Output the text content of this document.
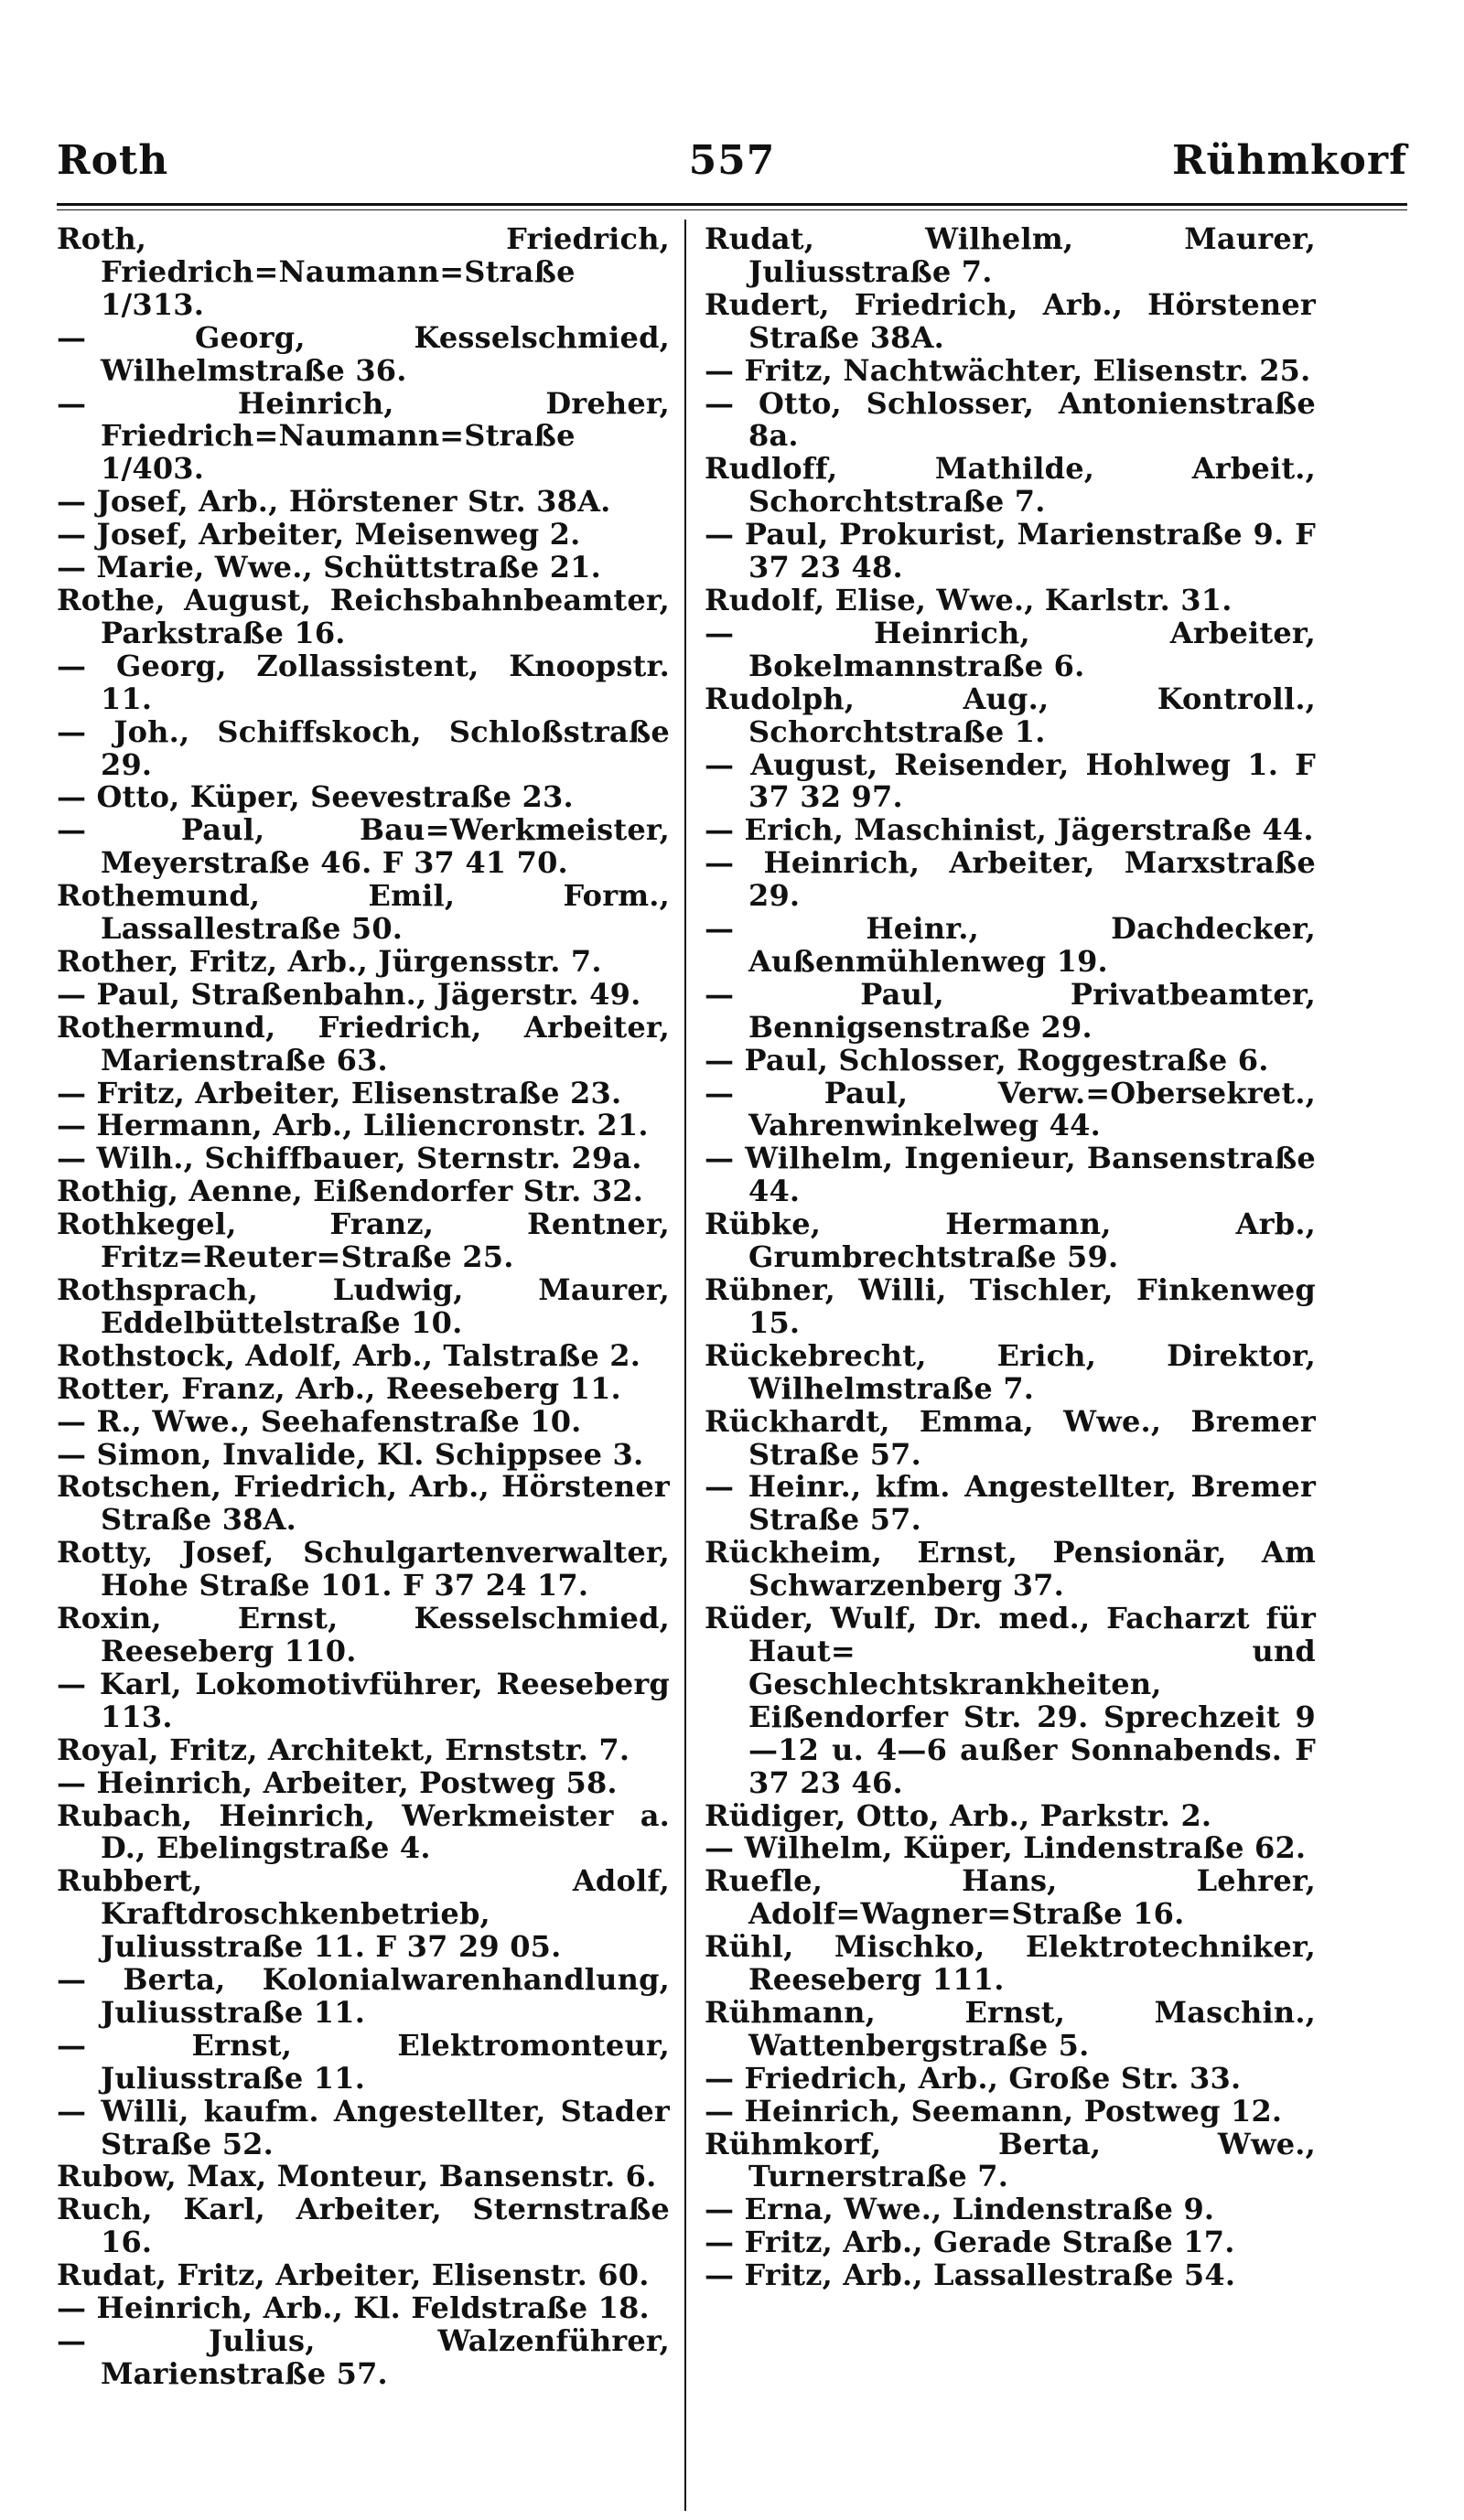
Roth	557	Rühmkorf
Roth, Friedrich, Friedrich=Naumann=Straße 1/313.
— Georg, Kesselschmied, Wilhelmstraße 36.
— Heinrich, Dreher, Friedrich=Naumann=Straße 1/403.
— Josef, Arb., Hörstener Str. 38A.
— Josef, Arbeiter, Meisenweg 2.
— Marie, Wwe., Schüttstraße 21.
Rothe, August, Reichsbahnbeamter, Parkstraße 16.
— Georg, Zollassistent, Knoopstr. 11.
— Joh., Schiffskoch, Schloßstraße 29.
— Otto, Küper, Seevestraße 23.
— Paul, Bau=Werkmeister, Meyerstraße 46. F 37 41 70.
Rothemund, Emil, Form., Lassallestraße 50.
Rother, Fritz, Arb., Jürgensstr. 7.
— Paul, Straßenbahn., Jägerstr. 49.
Rothermund, Friedrich, Arbeiter, Marienstraße 63.
— Fritz, Arbeiter, Elisenstraße 23.
— Hermann, Arb., Liliencronstr. 21.
— Wilh., Schiffbauer, Sternstr. 29a.
Rothig, Aenne, Eißendorfer Str. 32.
Rothkegel, Franz, Rentner, Fritz=Reuter=Straße 25.
Rothsprach, Ludwig, Maurer, Eddelbüttelstraße 10.
Rothstock, Adolf, Arb., Talstraße 2.
Rotter, Franz, Arb., Reeseberg 11.
— R., Wwe., Seehafenstraße 10.
— Simon, Invalide, Kl. Schippsee 3.
Rotschen, Friedrich, Arb., Hörstener Straße 38A.
Rotty, Josef, Schulgartenverwalter, Hohe Straße 101. F 37 24 17.
Roxin, Ernst, Kesselschmied, Reeseberg 110.
— Karl, Lokomotivführer, Reeseberg 113.
Royal, Fritz, Architekt, Ernststr. 7.
— Heinrich, Arbeiter, Postweg 58.
Rubach, Heinrich, Werkmeister a. D., Ebelingstraße 4.
Rubbert, Adolf, Kraftdroschkenbetrieb, Juliusstraße 11. F 37 29 05.
— Berta, Kolonialwarenhandlung, Juliusstraße 11.
— Ernst, Elektromonteur, Juliusstraße 11.
— Willi, kaufm. Angestellter, Stader Straße 52.
Rubow, Max, Monteur, Bansenstr. 6.
Ruch, Karl, Arbeiter, Sternstraße 16.
Rudat, Fritz, Arbeiter, Elisenstr. 60.
— Heinrich, Arb., Kl. Feldstraße 18.
— Julius, Walzenführer, Marienstraße 57.
Rudat, Wilhelm, Maurer, Juliusstraße 7.
Rudert, Friedrich, Arb., Hörstener Straße 38A.
— Fritz, Nachtwächter, Elisenstr. 25.
— Otto, Schlosser, Antonienstraße 8a.
Rudloff, Mathilde, Arbeit., Schorchtstraße 7.
— Paul, Prokurist, Marienstraße 9. F 37 23 48.
Rudolf, Elise, Wwe., Karlstr. 31.
— Heinrich, Arbeiter, Bokelmannstraße 6.
Rudolph, Aug., Kontroll., Schorchtstraße 1.
— August, Reisender, Hohlweg 1. F 37 32 97.
— Erich, Maschinist, Jägerstraße 44.
— Heinrich, Arbeiter, Marxstraße 29.
— Heinr., Dachdecker, Außenmühlenweg 19.
— Paul, Privatbeamter, Bennigsenstraße 29.
— Paul, Schlosser, Roggestraße 6.
— Paul, Verw.=Obersekret., Vahrenwinkelweg 44.
— Wilhelm, Ingenieur, Bansenstraße 44.
Rübke, Hermann, Arb., Grumbrechtstraße 59.
Rübner, Willi, Tischler, Finkenweg 15.
Rückebrecht, Erich, Direktor, Wilhelmstraße 7.
Rückhardt, Emma, Wwe., Bremer Straße 57.
— Heinr., kfm. Angestellter, Bremer Straße 57.
Rückheim, Ernst, Pensionär, Am Schwarzenberg 37.
Rüder, Wulf, Dr. med., Facharzt für Haut= und Geschlechtskrankheiten, Eißendorfer Str. 29. Sprechzeit 9—12 u. 4—6 außer Sonnabends. F 37 23 46.
Rüdiger, Otto, Arb., Parkstr. 2.
— Wilhelm, Küper, Lindenstraße 62.
Ruefle, Hans, Lehrer, Adolf=Wagner=Straße 16.
Rühl, Mischko, Elektrotechniker, Reeseberg 111.
Rühmann, Ernst, Maschin., Wattenbergstraße 5.
— Friedrich, Arb., Große Str. 33.
— Heinrich, Seemann, Postweg 12.
Rühmkorf, Berta, Wwe., Turnerstraße 7.
— Erna, Wwe., Lindenstraße 9.
— Fritz, Arb., Gerade Straße 17.
— Fritz, Arb., Lassallestraße 54.
